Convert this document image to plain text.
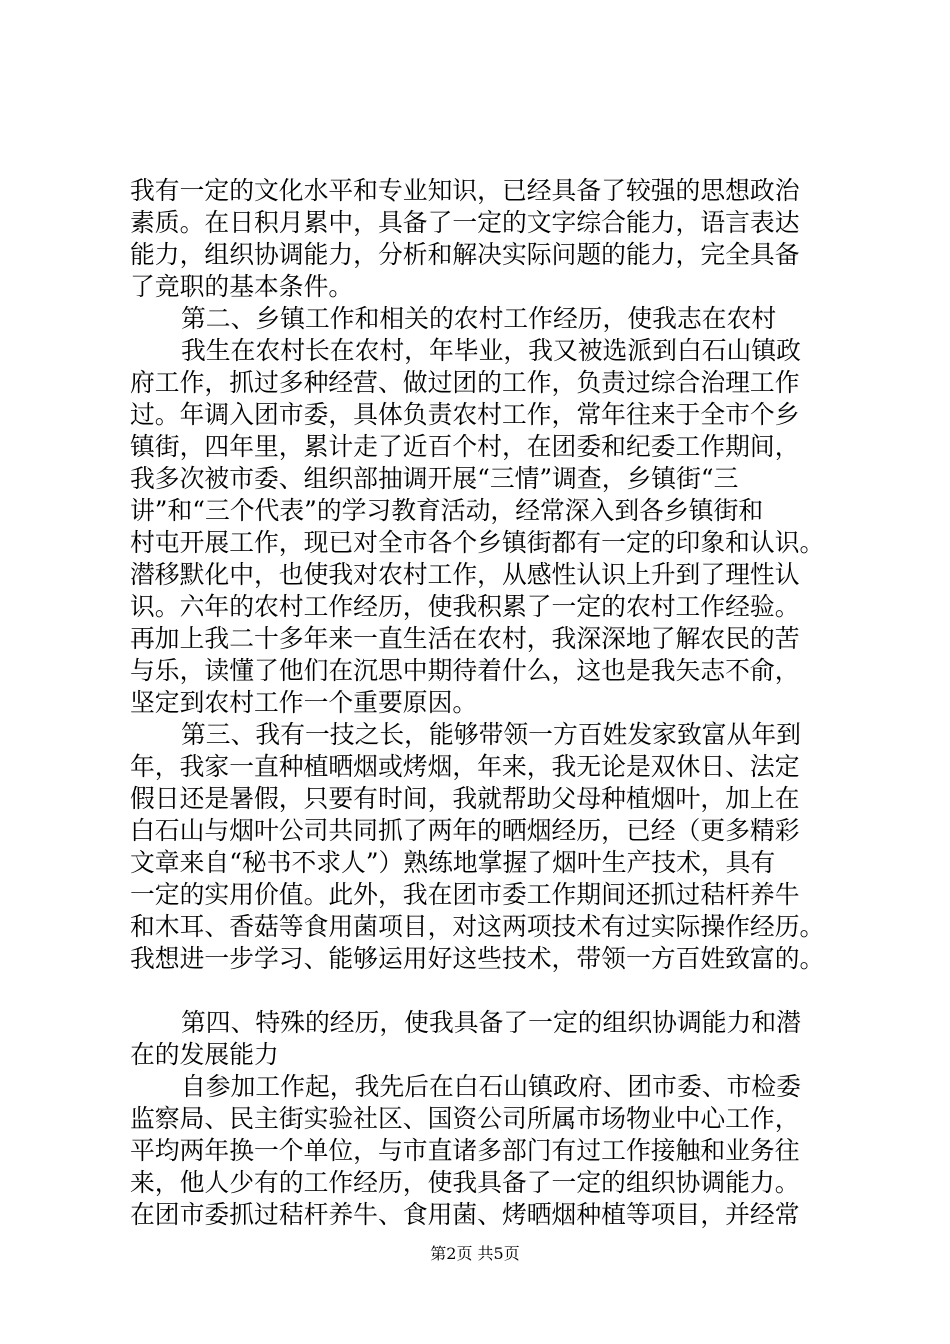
我有一定的文化水平和专业知识，已经具备了较强的思想政治
素质。在日积月累中，具备了一定的文字综合能力，语言表达
能力，组织协调能力，分析和解决实际问题的能力，完全具备
了竞职的基本条件。
第二、乡镇工作和相关的农村工作经历，使我志在农村
我生在农村长在农村，年毕业，我又被选派到白石山镇政
府工作，抓过多种经营、做过团的工作，负责过综合治理工作
过。年调入团市委，具体负责农村工作，常年往来于全市个乡
镇街，四年里，累计走了近百个村，在团委和纪委工作期间，
我多次被市委、组织部抽调开展“三情”调查，乡镇街“三
讲”和“三个代表”的学习教育活动，经常深入到各乡镇街和
村屯开展工作，现已对全市各个乡镇街都有一定的印象和认识。
潜移默化中，也使我对农村工作，从感性认识上升到了理性认
识。六年的农村工作经历，使我积累了一定的农村工作经验。
再加上我二十多年来一直生活在农村，我深深地了解农民的苦
与乐，读懂了他们在沉思中期待着什么，这也是我矢志不俞，
坚定到农村工作一个重要原因。
第三、我有一技之长，能够带领一方百姓发家致富从年到
年，我家一直种植晒烟或烤烟，年来，我无论是双休日、法定
假日还是暑假，只要有时间，我就帮助父母种植烟叶，加上在
白石山与烟叶公司共同抓了两年的晒烟经历，已经（更多精彩
文章来自“秘书不求人”）熟练地掌握了烟叶生产技术，具有
一定的实用价值。此外，我在团市委工作期间还抓过秸杆养牛
和木耳、香菇等食用菌项目，对这两项技术有过实际操作经历。
我想进一步学习、能够运用好这些技术，带领一方百姓致富的。
第四、特殊的经历，使我具备了一定的组织协调能力和潜
在的发展能力
自参加工作起，我先后在白石山镇政府、团市委、市检委
监察局、民主街实验社区、国资公司所属市场物业中心工作，
平均两年换一个单位，与市直诸多部门有过工作接触和业务往
来，他人少有的工作经历，使我具备了一定的组织协调能力。
在团市委抓过秸杆养牛、食用菌、烤晒烟种植等项目，并经常
第2页 共5页
